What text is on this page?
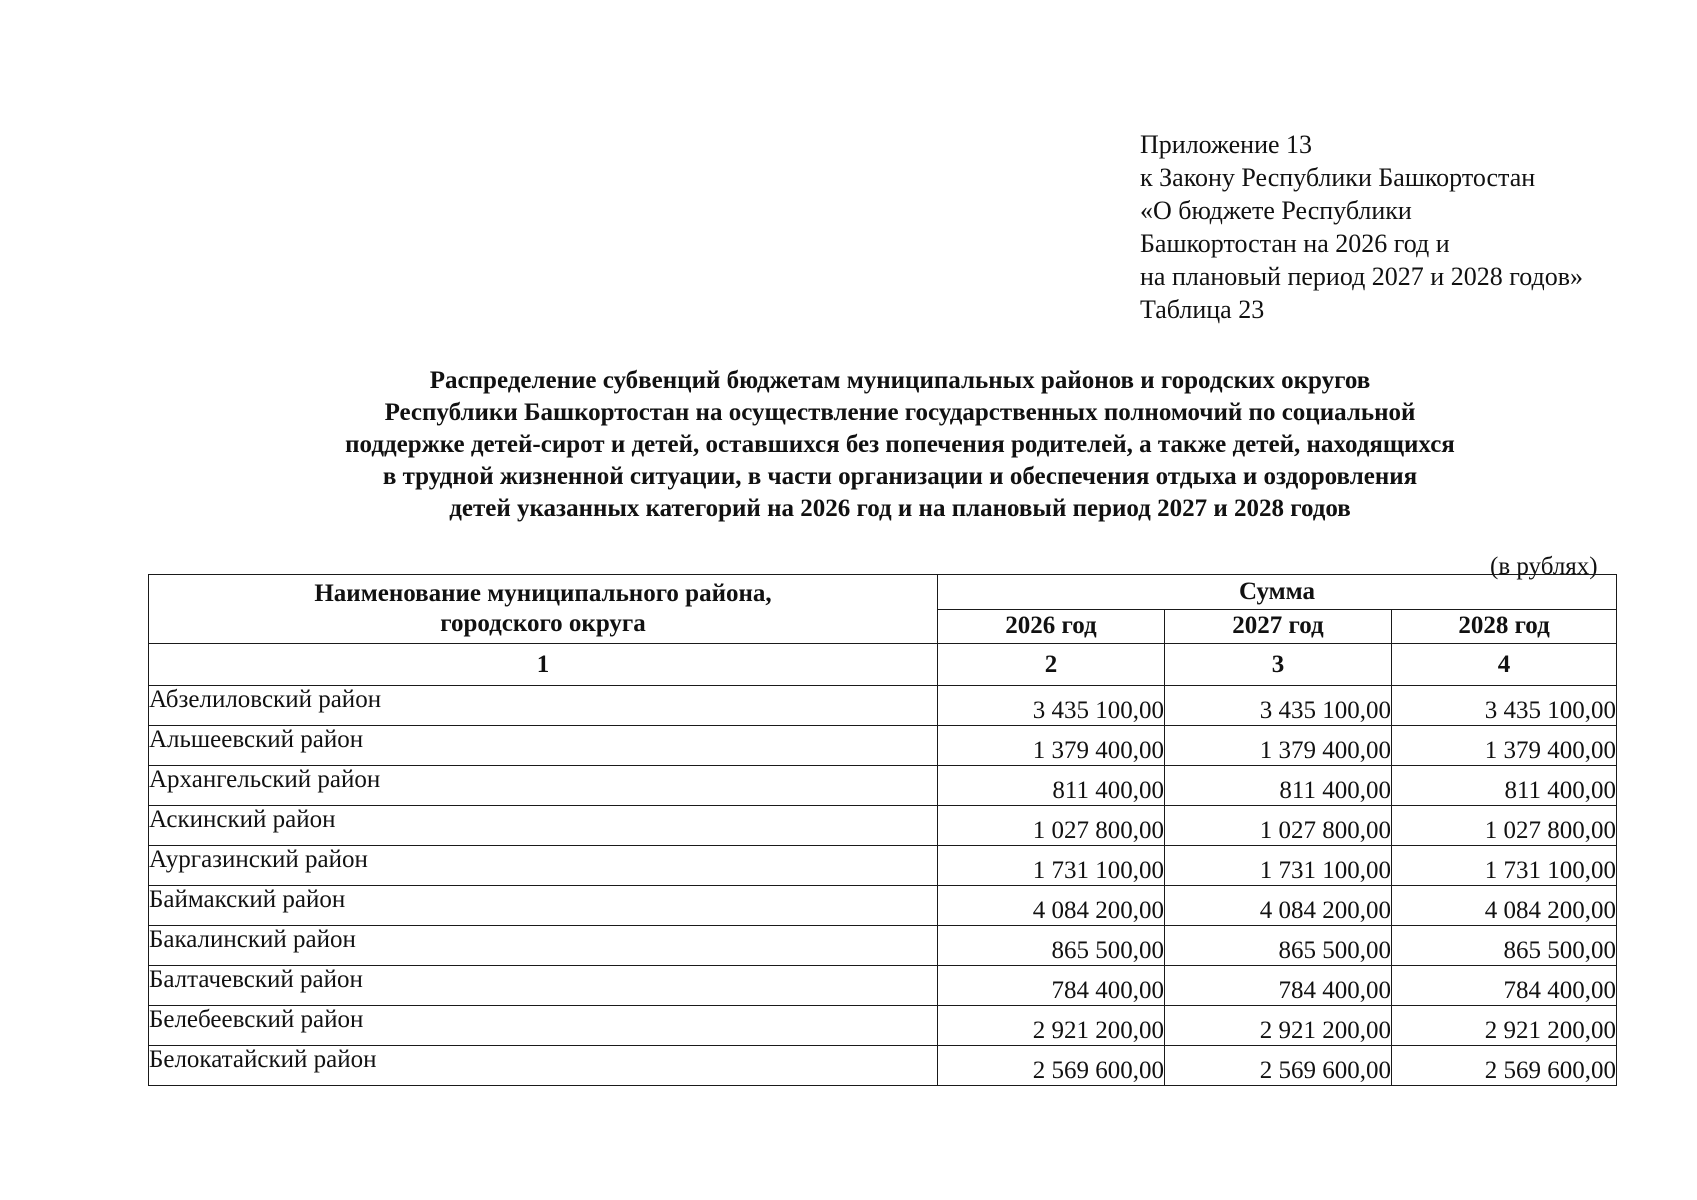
Приложение 13
к Закону Республики Башкортостан
«О бюджете Республики
Башкортостан на 2026 год и
на плановый период 2027 и 2028 годов»
Таблица 23
Распределение субвенций бюджетам муниципальных районов и городских округов
Республики Башкортостан на осуществление государственных полномочий по социальной
поддержке детей-сирот и детей, оставшихся без попечения родителей, а также детей, находящихся
в трудной жизненной ситуации, в части организации и обеспечения отдыха и оздоровления
детей указанных категорий на 2026 год и на плановый период 2027 и 2028 годов
(в рублях)
Наименование муниципального района,
городского округа	Сумма		
	2026 год	2027 год	2028 год
1	2	3	4
Абзелиловский район	3 435 100,00	3 435 100,00	3 435 100,00
Альшеевский район	1 379 400,00	1 379 400,00	1 379 400,00
Архангельский район	811 400,00	811 400,00	811 400,00
Аскинский район	1 027 800,00	1 027 800,00	1 027 800,00
Аургазинский район	1 731 100,00	1 731 100,00	1 731 100,00
Баймакский район	4 084 200,00	4 084 200,00	4 084 200,00
Бакалинский район	865 500,00	865 500,00	865 500,00
Балтачевский район	784 400,00	784 400,00	784 400,00
Белебеевский район	2 921 200,00	2 921 200,00	2 921 200,00
Белокатайский район	2 569 600,00	2 569 600,00	2 569 600,00
